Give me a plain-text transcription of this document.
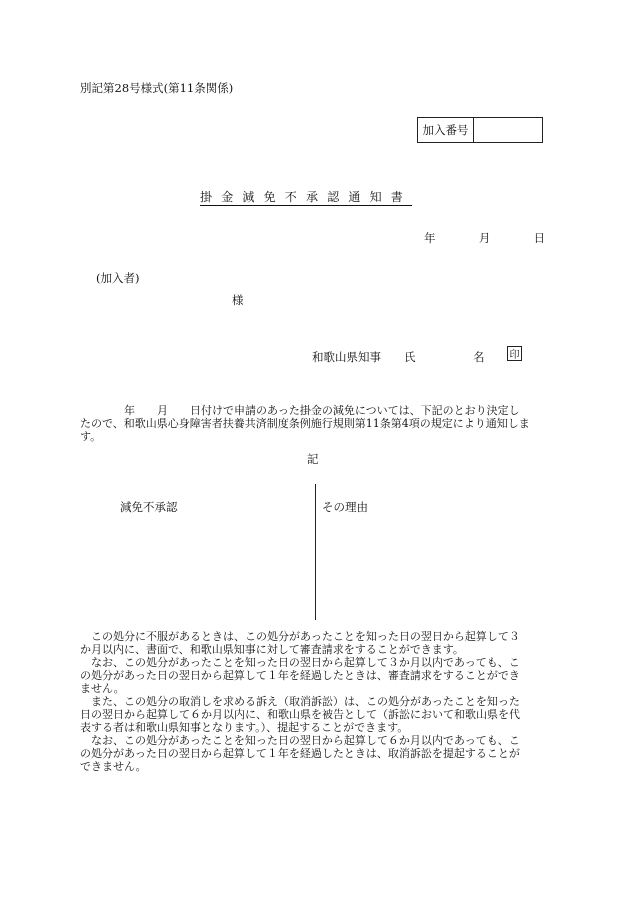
別記第28号様式(第11条関係)
加入番号
掛金減免不承認通知書
年	月	日
(加入者)
様
和歌山県知事　　氏　　　　　名	印
　　　　年　　月　　日付けで申請のあった掛金の減免については、下記のとおり決定し
たので、和歌山県心身障害者扶養共済制度条例施行規則第11条第4項の規定により通知しま
す。
記
減免不承認	その理由
　この処分に不服があるときは、この処分があったことを知った日の翌日から起算して３
か月以内に、書面で、和歌山県知事に対して審査請求をすることができます。
　なお、この処分があったことを知った日の翌日から起算して３か月以内であっても、こ
の処分があった日の翌日から起算して１年を経過したときは、審査請求をすることができ
ません。
　また、この処分の取消しを求める訴え（取消訴訟）は、この処分があったことを知った
日の翌日から起算して６か月以内に、和歌山県を被告として（訴訟において和歌山県を代
表する者は和歌山県知事となります。）、提起することができます。
　なお、この処分があったことを知った日の翌日から起算して６か月以内であっても、こ
の処分があった日の翌日から起算して１年を経過したときは、取消訴訟を提起することが
できません。
